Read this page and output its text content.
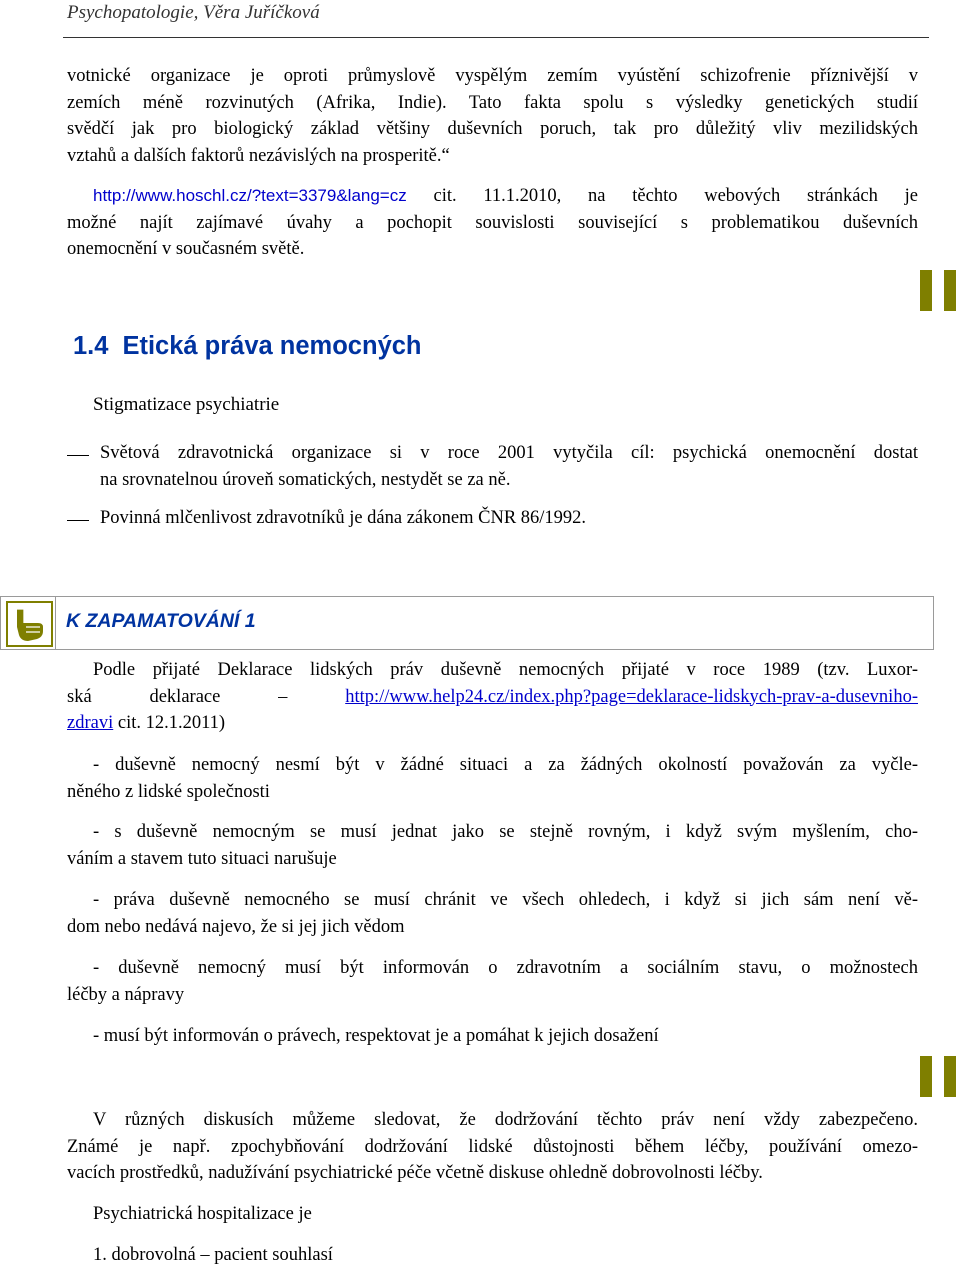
Psychopatologie, Věra Juříčková
votnické organizace je oproti průmyslově vyspělým zemím vyústění schizofrenie příznivější v
zemích méně rozvinutých (Afrika, Indie). Tato fakta spolu s výsledky genetických studií
svědčí jak pro biologický základ většiny duševních poruch, tak pro důležitý vliv mezilidských
vztahů a dalších faktorů nezávislých na prosperitě.“
http://www.hoschl.cz/?text=3379&lang=cz cit. 11.1.2010, na těchto webových stránkách je
možné najít zajímavé úvahy a pochopit souvislosti související s problematikou duševních
onemocnění v současném světě.
1.4 Etická práva nemocných
Stigmatizace psychiatrie
Světová zdravotnická organizace si v roce 2001 vytyčila cíl: psychická onemocnění dostat
na srovnatelnou úroveň somatických, nestydět se za ně.
Povinná mlčenlivost zdravotníků je dána zákonem ČNR 86/1992.
K ZAPAMATOVÁNÍ 1
Podle přijaté Deklarace lidských práv duševně nemocných přijaté v roce 1989 (tzv. Luxor-
ská deklarace – http://www.help24.cz/index.php?page=deklarace-lidskych-prav-a-dusevniho-
zdravi cit. 12.1.2011)
- duševně nemocný nesmí být v žádné situaci a za žádných okolností považován za vyčle-
něného z lidské společnosti
- s duševně nemocným se musí jednat jako se stejně rovným, i když svým myšlením, cho-
váním a stavem tuto situaci narušuje
- práva duševně nemocného se musí chránit ve všech ohledech, i když si jich sám není vě-
dom nebo nedává najevo, že si jej jich vědom
- duševně nemocný musí být informován o zdravotním a sociálním stavu, o možnostech
léčby a nápravy
- musí být informován o právech, respektovat je a pomáhat k jejich dosažení
V různých diskusích můžeme sledovat, že dodržování těchto práv není vždy zabezpečeno.
Známé je např. zpochybňování dodržování lidské důstojnosti během léčby, používání omezo-
vacích prostředků, nadužívání psychiatrické péče včetně diskuse ohledně dobrovolnosti léčby.
Psychiatrická hospitalizace je
1. dobrovolná – pacient souhlasí
